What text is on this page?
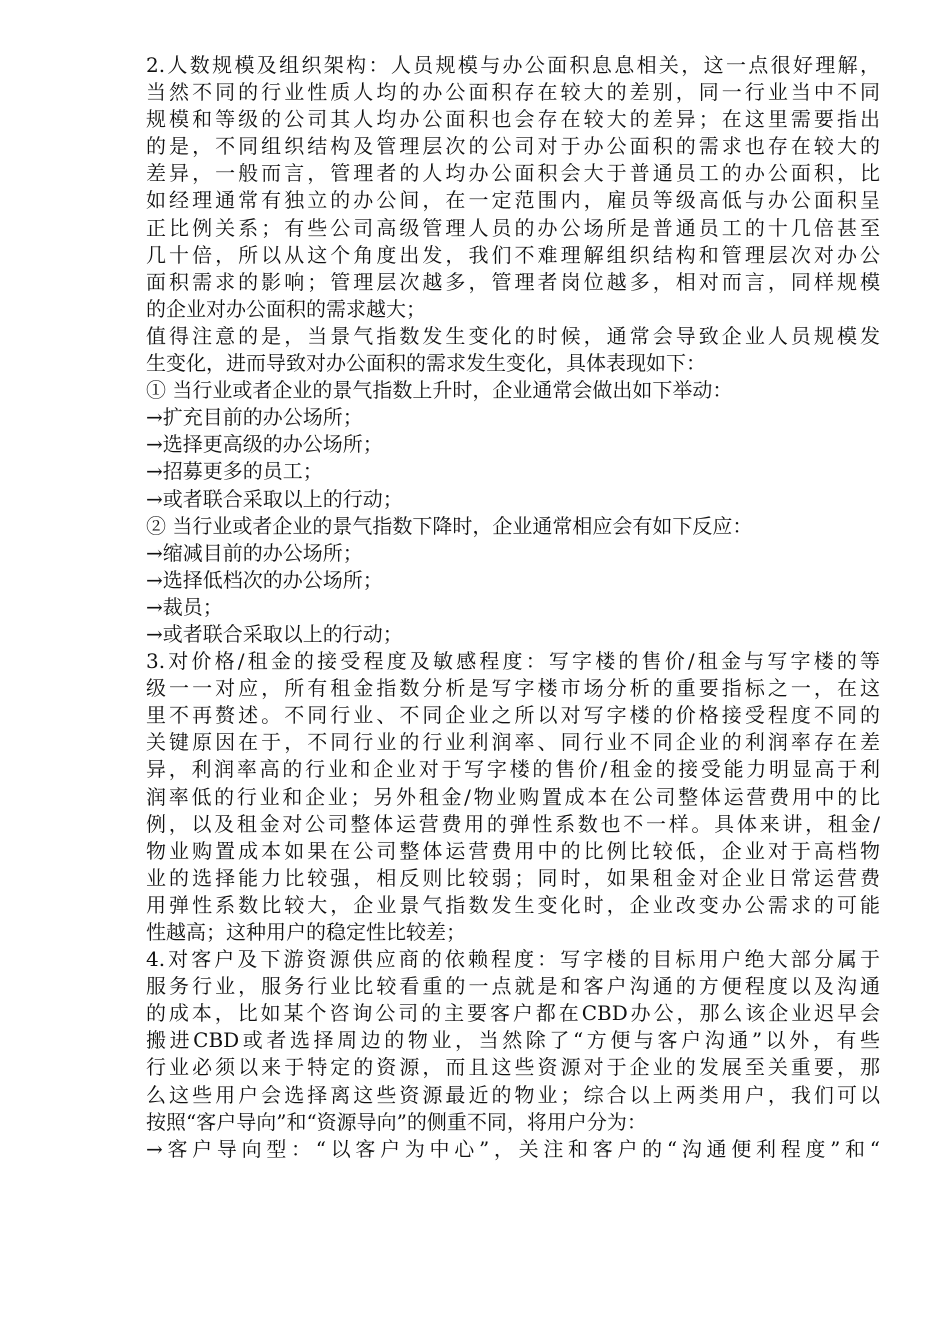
2.人数规模及组织架构：人员规模与办公面积息息相关，这一点很好理解，
当然不同的行业性质人均的办公面积存在较大的差别，同一行业当中不同
规模和等级的公司其人均办公面积也会存在较大的差异；在这里需要指出
的是，不同组织结构及管理层次的公司对于办公面积的需求也存在较大的
差异，一般而言，管理者的人均办公面积会大于普通员工的办公面积，比
如经理通常有独立的办公间，在一定范围内，雇员等级高低与办公面积呈
正比例关系；有些公司高级管理人员的办公场所是普通员工的十几倍甚至
几十倍，所以从这个角度出发，我们不难理解组织结构和管理层次对办公
面积需求的影响；管理层次越多，管理者岗位越多，相对而言，同样规模
的企业对办公面积的需求越大；
值得注意的是，当景气指数发生变化的时候，通常会导致企业人员规模发
生变化，进而导致对办公面积的需求发生变化，具体表现如下：
① 当行业或者企业的景气指数上升时，企业通常会做出如下举动：
→扩充目前的办公场所；
→选择更高级的办公场所；
→招募更多的员工；
→或者联合采取以上的行动；
② 当行业或者企业的景气指数下降时，企业通常相应会有如下反应：
→缩减目前的办公场所；
→选择低档次的办公场所；
→裁员；
→或者联合采取以上的行动；
3.对价格/租金的接受程度及敏感程度：写字楼的售价/租金与写字楼的等
级一一对应，所有租金指数分析是写字楼市场分析的重要指标之一，在这
里不再赘述。不同行业、不同企业之所以对写字楼的价格接受程度不同的
关键原因在于，不同行业的行业利润率、同行业不同企业的利润率存在差
异，利润率高的行业和企业对于写字楼的售价/租金的接受能力明显高于利
润率低的行业和企业；另外租金/物业购置成本在公司整体运营费用中的比
例，以及租金对公司整体运营费用的弹性系数也不一样。具体来讲，租金/
物业购置成本如果在公司整体运营费用中的比例比较低，企业对于高档物
业的选择能力比较强，相反则比较弱；同时，如果租金对企业日常运营费
用弹性系数比较大，企业景气指数发生变化时，企业改变办公需求的可能
性越高；这种用户的稳定性比较差；
4.对客户及下游资源供应商的依赖程度：写字楼的目标用户绝大部分属于
服务行业，服务行业比较看重的一点就是和客户沟通的方便程度以及沟通
的成本，比如某个咨询公司的主要客户都在CBD办公，那么该企业迟早会
搬进CBD或者选择周边的物业，当然除了“方便与客户沟通”以外，有些
行业必须以来于特定的资源，而且这些资源对于企业的发展至关重要，那
么这些用户会选择离这些资源最近的物业；综合以上两类用户，我们可以
按照“客户导向”和“资源导向”的侧重不同，将用户分为：
→客户导向型：“以客户为中心”，关注和客户的“沟通便利程度”和“
